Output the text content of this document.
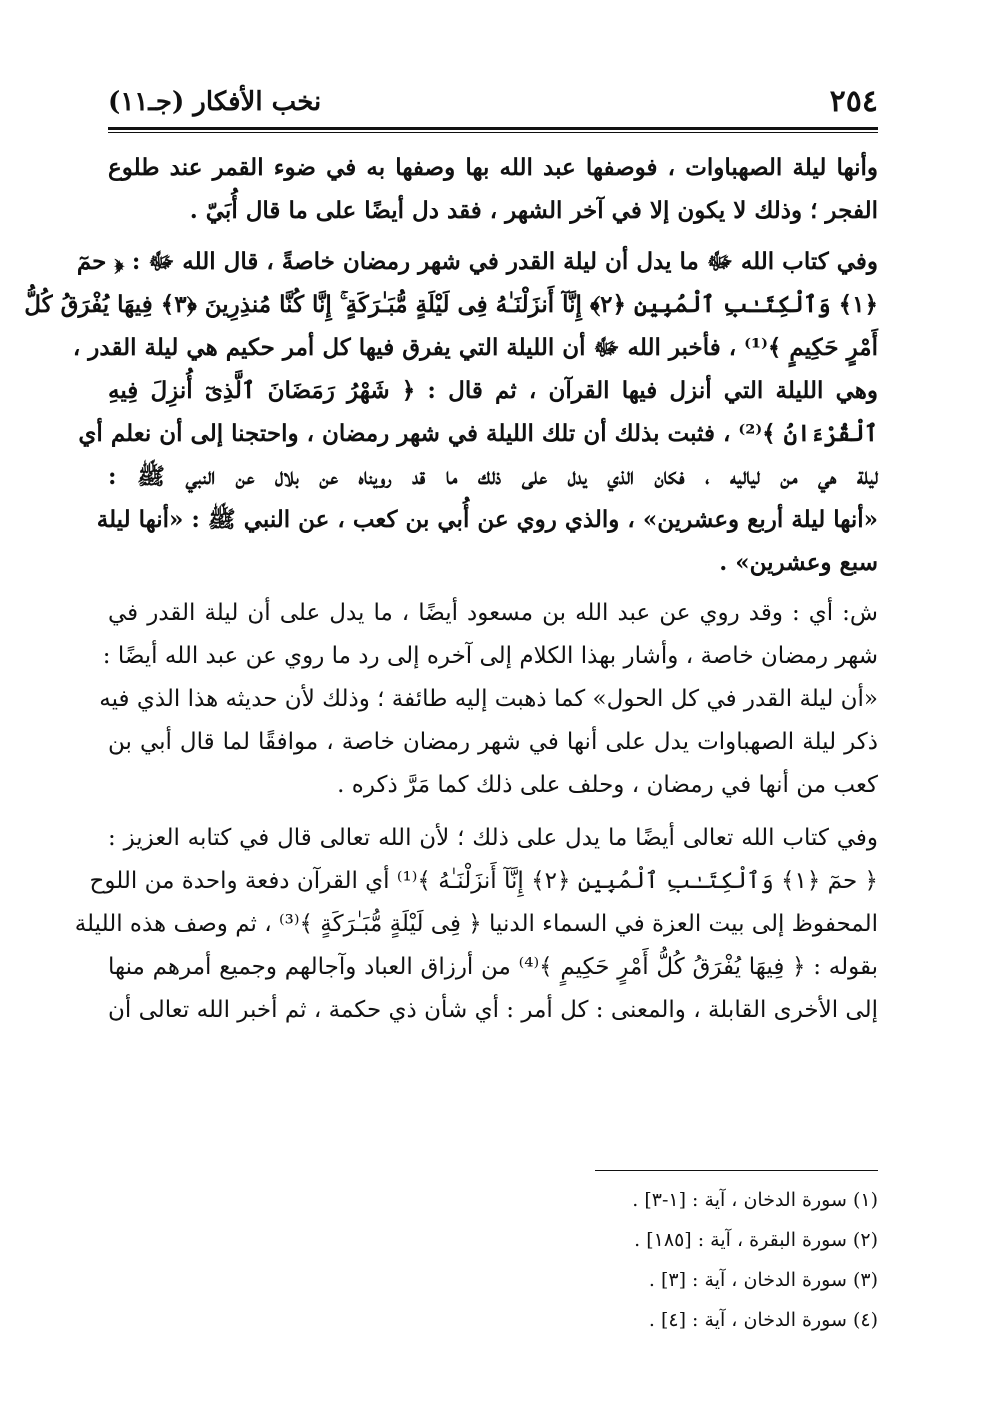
٢٥٤
نخب الأفكار (جـ١١)
وأنها ليلة الصهباوات ، فوصفها عبد الله بها وصفها به في ضوء القمر عند طلوع
الفجر ؛ وذلك لا يكون إلا في آخر الشهر ، فقد دل أيضًا على ما قال أُبَيّ .
وفي كتاب الله ﷻ ما يدل أن ليلة القدر في شهر رمضان خاصةً ، قال الله ﷻ : ﴿ حمٓ
﴿١﴾ وَٱلْكِتَـٰبِ ٱلْمُبِينِ ﴿٢﴾ إِنَّآ أَنزَلْنَـٰهُ فِى لَيْلَةٍ مُّبَـٰرَكَةٍ ۚ إِنَّا كُنَّا مُنذِرِينَ ﴿٣﴾ فِيهَا يُفْرَقُ كُلُّ
أَمْرٍ حَكِيمٍ ﴾⁽¹⁾ ، فأخبر الله ﷻ أن الليلة التي يفرق فيها كل أمر حكيم هي ليلة القدر ،
وهي الليلة التي أنزل فيها القرآن ، ثم قال : ﴿ شَهْرُ رَمَضَانَ ٱلَّذِىٓ أُنزِلَ فِيهِ
ٱلْقُرْءَانُ ﴾⁽²⁾ ، فثبت بذلك أن تلك الليلة في شهر رمضان ، واحتجنا إلى أن نعلم أي
ليلة هي من لياليه ، فكان الذي يدل على ذلك ما قد رويناه عن بلال عن النبي ﷺ :
«أنها ليلة أربع وعشرين» ، والذي روي عن أُبي بن كعب ، عن النبي ﷺ : «أنها ليلة
سبع وعشرين» .
ش: أي : وقد روي عن عبد الله بن مسعود أيضًا ، ما يدل على أن ليلة القدر في
شهر رمضان خاصة ، وأشار بهذا الكلام إلى آخره إلى رد ما روي عن عبد الله أيضًا :
«أن ليلة القدر في كل الحول» كما ذهبت إليه طائفة ؛ وذلك لأن حديثه هذا الذي فيه
ذكر ليلة الصهباوات يدل على أنها في شهر رمضان خاصة ، موافقًا لما قال أبي بن
كعب من أنها في رمضان ، وحلف على ذلك كما مَرَّ ذكره .
وفي كتاب الله تعالى أيضًا ما يدل على ذلك ؛ لأن الله تعالى قال في كتابه العزيز :
﴿ حمٓ ﴿١﴾ وَٱلْكِتَـٰبِ ٱلْمُبِينِ ﴿٢﴾ إِنَّآ أَنزَلْنَـٰهُ ﴾⁽¹⁾ أي القرآن دفعة واحدة من اللوح
المحفوظ إلى بيت العزة في السماء الدنيا ﴿ فِى لَيْلَةٍ مُّبَـٰرَكَةٍ ﴾⁽³⁾ ، ثم وصف هذه الليلة
بقوله : ﴿ فِيهَا يُفْرَقُ كُلُّ أَمْرٍ حَكِيمٍ ﴾⁽⁴⁾ من أرزاق العباد وآجالهم وجميع أمرهم منها
إلى الأخرى القابلة ، والمعنى : كل أمر : أي شأن ذي حكمة ، ثم أخبر الله تعالى أن
(١) سورة الدخان ، آية : [١-٣] .
(٢) سورة البقرة ، آية : [١٨٥] .
(٣) سورة الدخان ، آية : [٣] .
(٤) سورة الدخان ، آية : [٤] .
